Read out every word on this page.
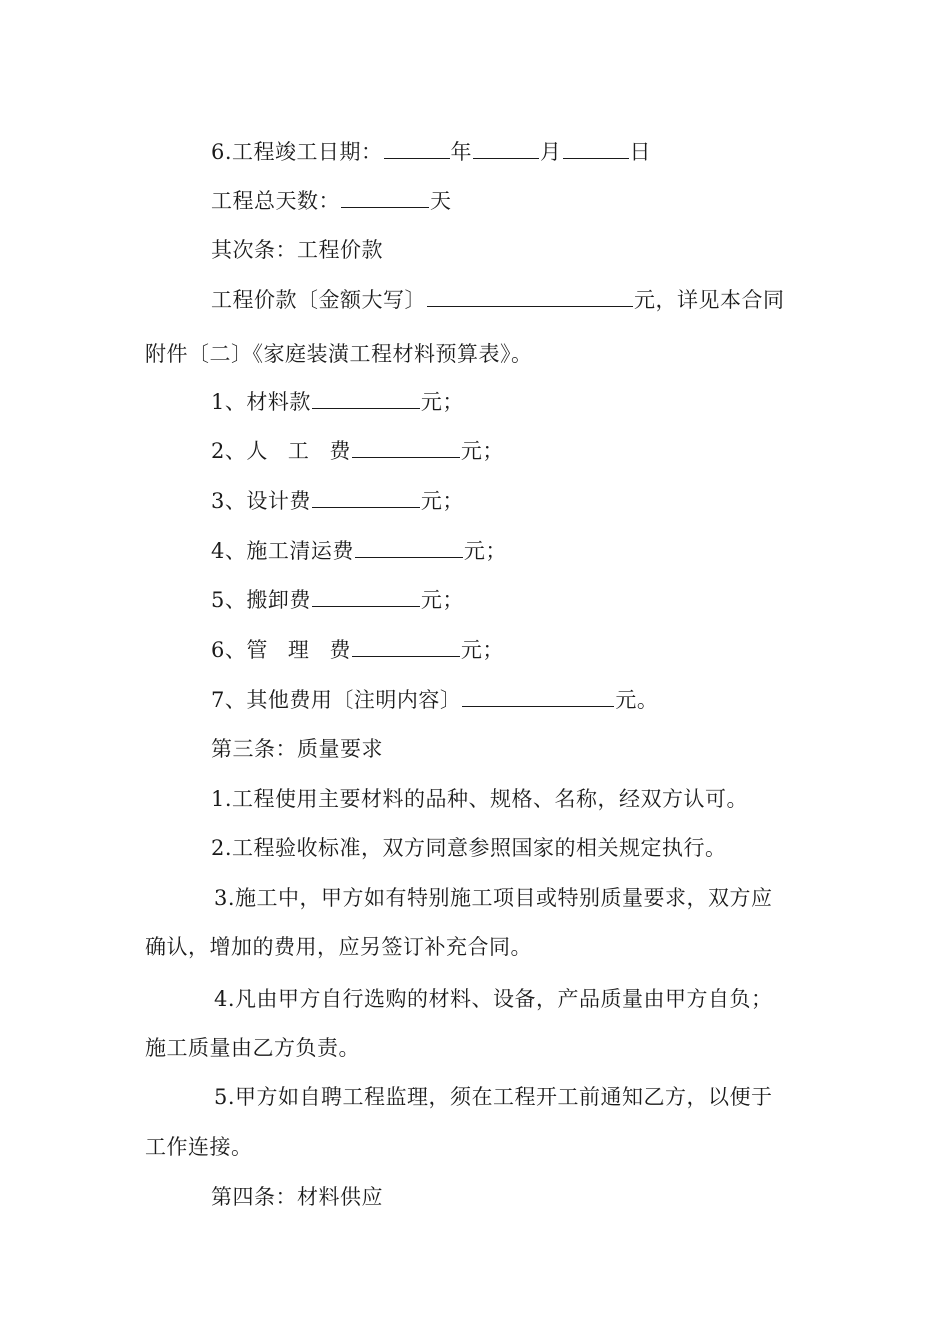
6.工程竣工日期：	年	月	日
工程总天数：	天
其次条：工程价款
工程价款〔金额大写〕	元，详见本合同
附件〔二〕《家庭装潢工程材料预算表》。
1、材料款	元；
2、人 工 费	元；
3、设计费	元；
4、施工清运费	元；
5、搬卸费	元；
6、管 理 费	元；
7、其他费用〔注明内容〕	元。
第三条：质量要求
1.工程使用主要材料的品种、规格、名称，经双方认可。
2.工程验收标准，双方同意参照国家的相关规定执行。
3.施工中，甲方如有特别施工项目或特别质量要求，双方应
确认，增加的费用，应另签订补充合同。
4.凡由甲方自行选购的材料、设备，产品质量由甲方自负；
施工质量由乙方负责。
5.甲方如自聘工程监理，须在工程开工前通知乙方，以便于
工作连接。
第四条：材料供应
